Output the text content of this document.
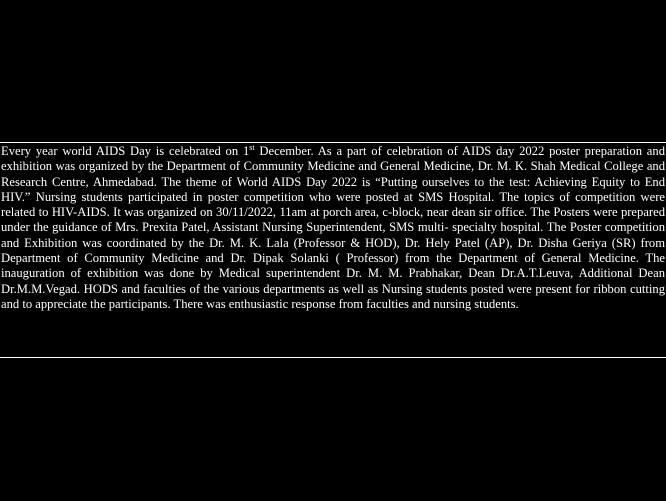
Every year world AIDS Day is celebrated on 1st December. As a part of celebration of AIDS day 2022 poster preparation and exhibition was organized by the Department of Community Medicine and General Medicine, Dr. M. K. Shah Medical College and Research Centre, Ahmedabad. The theme of World AIDS Day 2022 is “Putting ourselves to the test: Achieving Equity to End HIV.” Nursing students participated in poster competition who were posted at SMS Hospital. The topics of competition were related to HIV-AIDS. It was organized on 30/11/2022, 11am at porch area, c-block, near dean sir office. The Posters were prepared under the guidance of Mrs. Prexita Patel, Assistant Nursing Superintendent, SMS multi- specialty hospital. The Poster competition and Exhibition was coordinated by the Dr. M. K. Lala (Professor & HOD), Dr. Hely Patel (AP), Dr. Disha Geriya (SR) from Department of Community Medicine and Dr. Dipak Solanki ( Professor) from the Department of General Medicine. The inauguration of exhibition was done by Medical superintendent Dr. M. M. Prabhakar, Dean Dr.A.T.Leuva, Additional Dean Dr.M.M.Vegad. HODS and faculties of the various departments as well as Nursing students posted were present for ribbon cutting and to appreciate the participants. There was enthusiastic response from faculties and nursing students.
